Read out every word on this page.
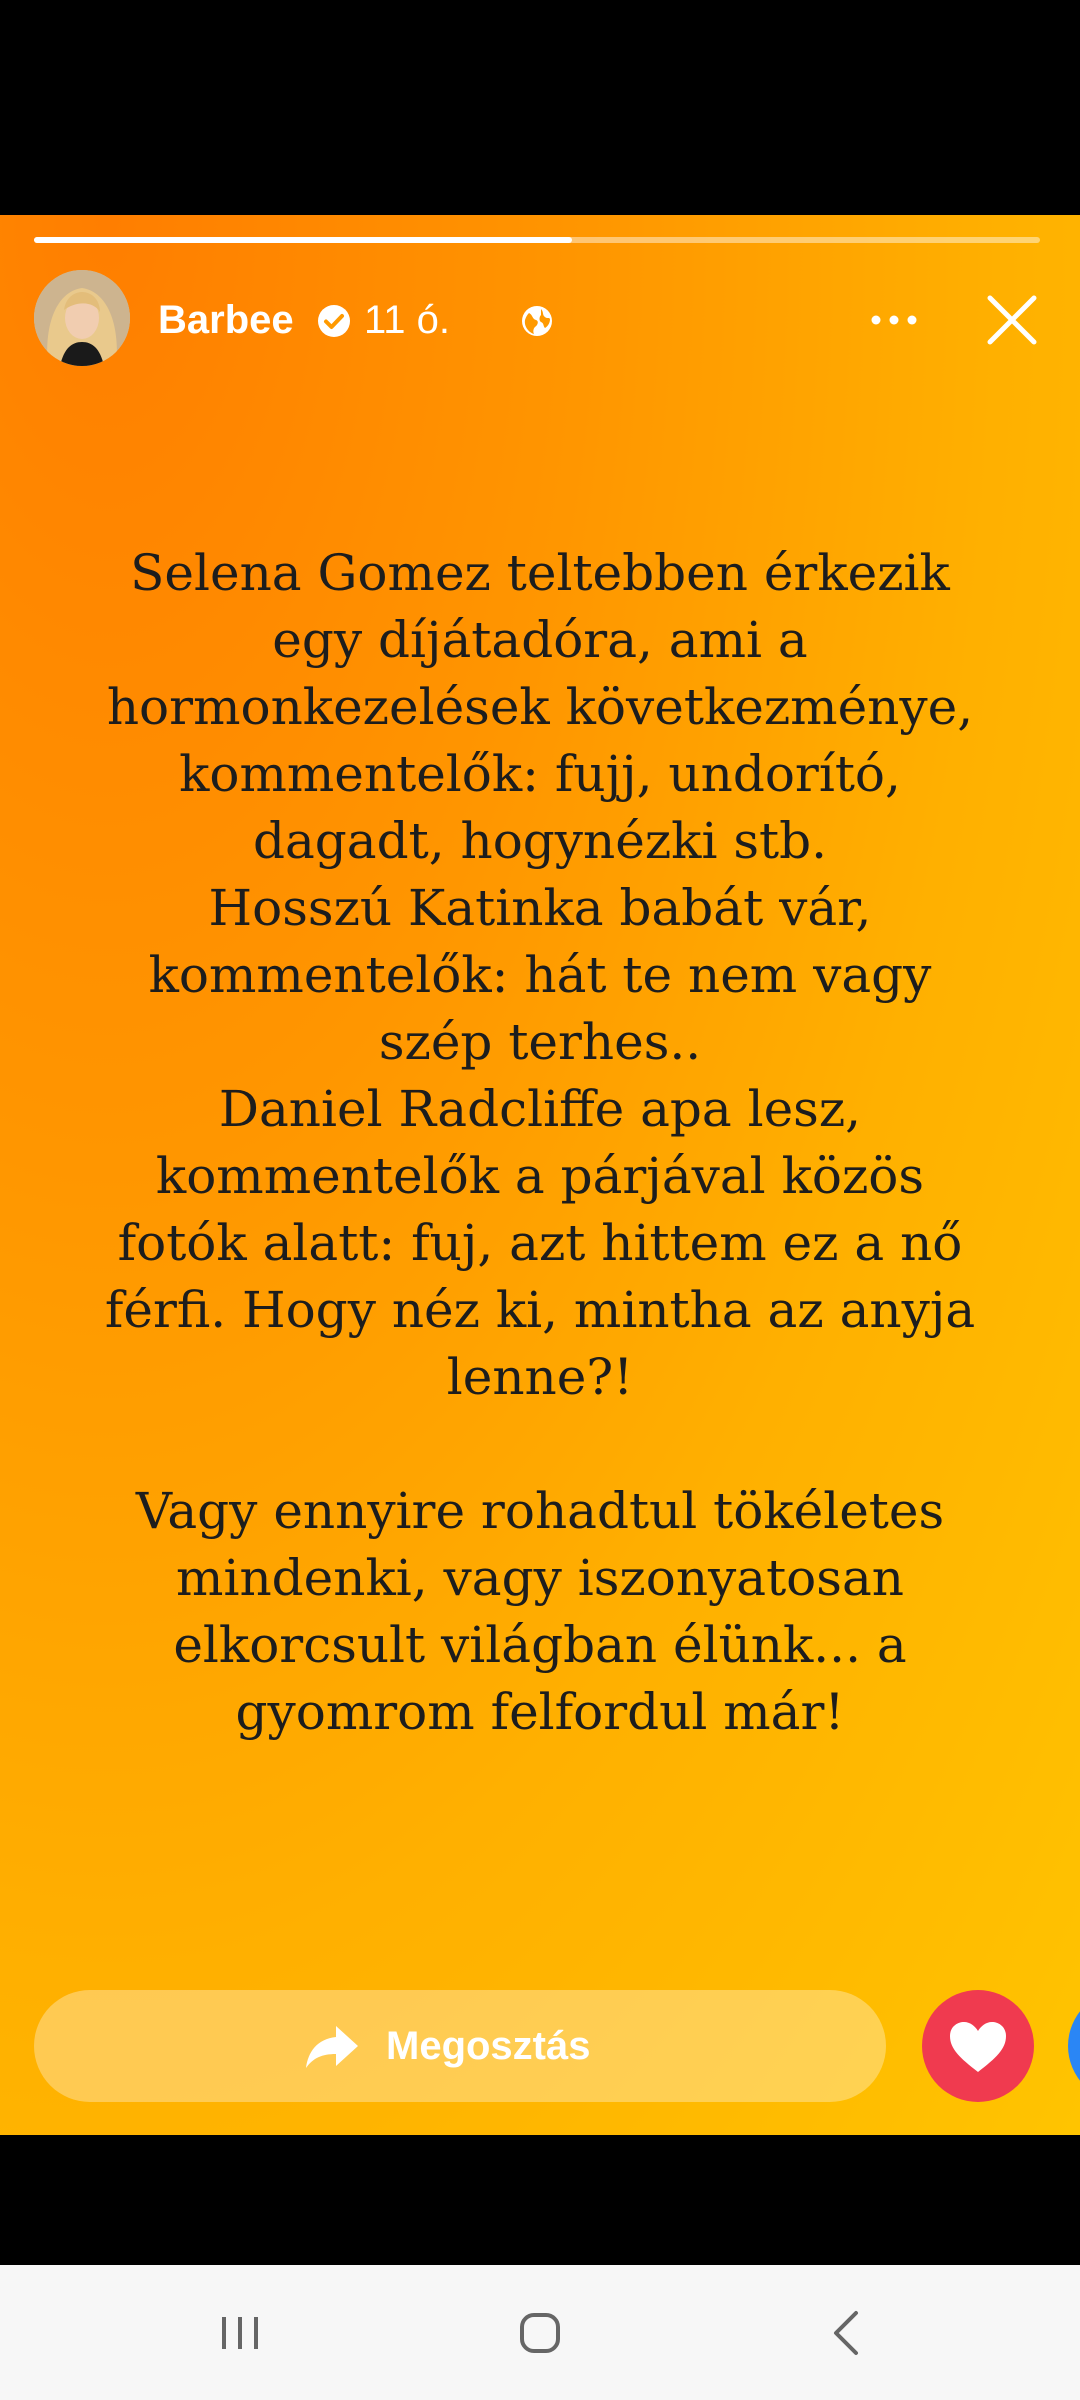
Barbee 11 ó.

Selena Gomez teltebben érkezik

egy díjátadóra, ami a

hormonkezelések következménye,

kommentelők: fujj, undorító,

dagadt, hogynézki stb.

Hosszú Katinka babát vár,

kommentelők: hát te nem vagy

szép terhes..

Daniel Radcliffe apa lesz,

kommentelők a párjával közös

fotók alatt: fuj, azt hittem ez a nő

férfi. Hogy néz ki, mintha az anyja

lenne?!

Vagy ennyire rohadtul tökéletes

mindenki, vagy iszonyatosan

elkorcsult világban élünk... a

gyomrom felfordul már!

Megosztás
